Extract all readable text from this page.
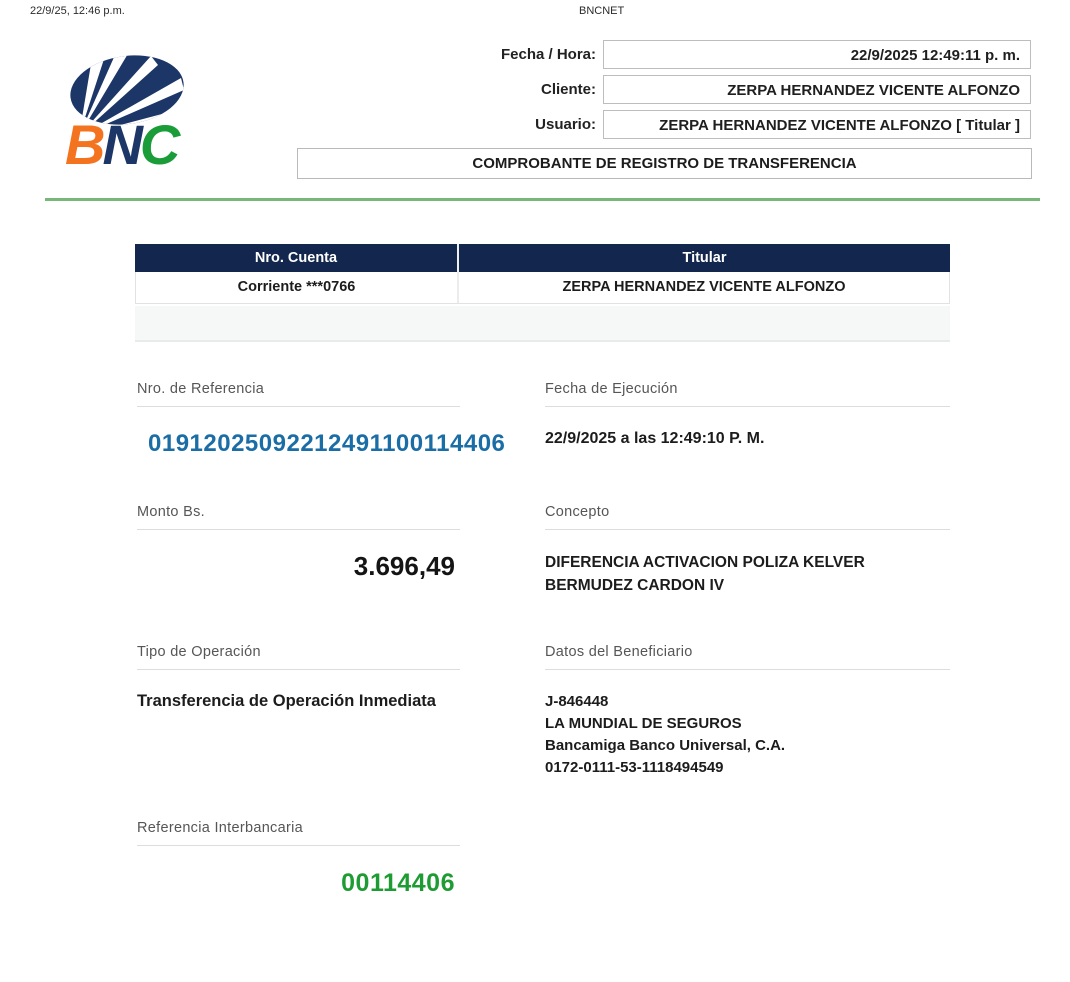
22/9/25, 12:46 p.m.	BNCNET
BNC
Fecha / Hora:	22/9/2025 12:49:11 p. m.
Cliente:	ZERPA HERNANDEZ VICENTE ALFONZO
Usuario:	ZERPA HERNANDEZ VICENTE ALFONZO [ Titular ]
COMPROBANTE DE REGISTRO DE TRANSFERENCIA
Nro. Cuenta	Titular
Corriente ***0766	ZERPA HERNANDEZ VICENTE ALFONZO
Nro. de Referencia
01912025092212491100114406
Fecha de Ejecución
22/9/2025 a las 12:49:10 P. M.
Monto Bs.
3.696,49
Concepto
DIFERENCIA ACTIVACION POLIZA KELVER BERMUDEZ CARDON IV
Tipo de Operación
Transferencia de Operación Inmediata
Datos del Beneficiario
J-846448
LA MUNDIAL DE SEGUROS
Bancamiga Banco Universal, C.A.
0172-0111-53-1118494549
Referencia Interbancaria
00114406
